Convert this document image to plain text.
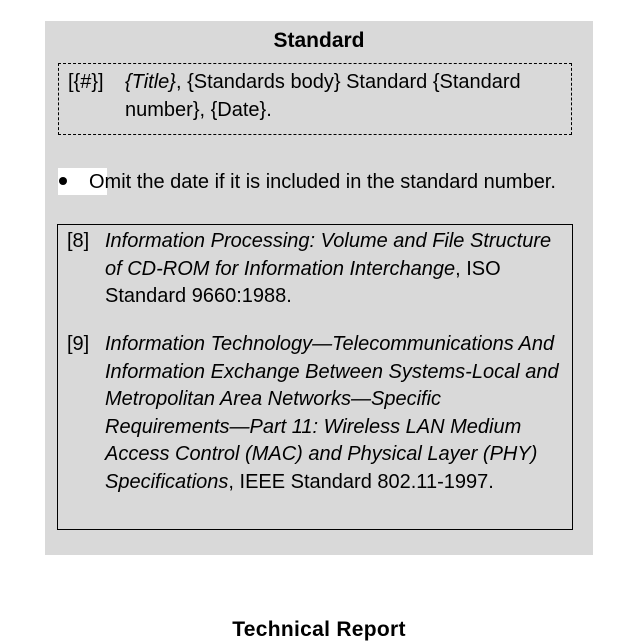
Standard
[{#}] {Title}, {Standards body} Standard {Standard number}, {Date}.
Omit the date if it is included in the standard number.
[8] Information Processing: Volume and File Structure of CD-ROM for Information Interchange, ISO Standard 9660:1988.
[9] Information Technology—Telecommunications And Information Exchange Between Systems-Local and Metropolitan Area Networks—Specific Requirements—Part 11: Wireless LAN Medium Access Control (MAC) and Physical Layer (PHY) Specifications, IEEE Standard 802.11-1997.
Technical Report
